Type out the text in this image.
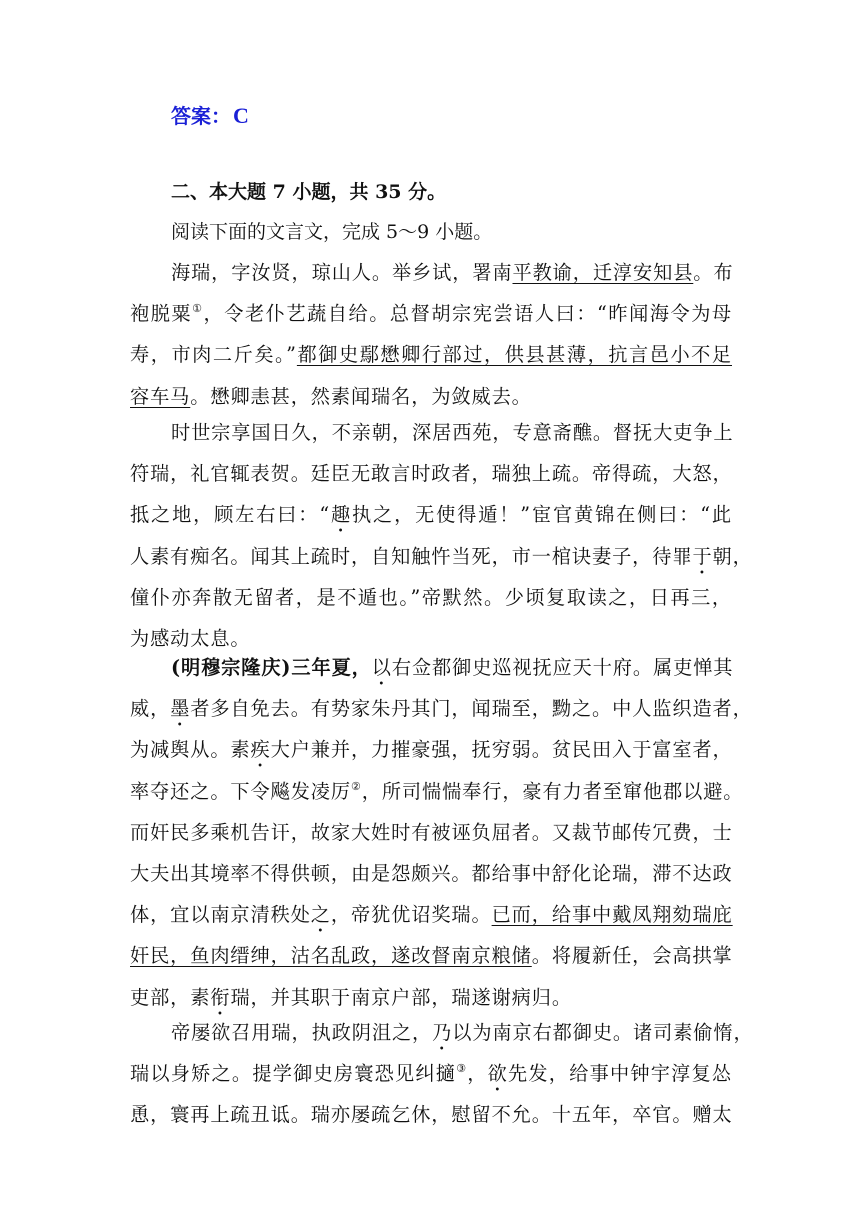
答案：C
二、本大题 7 小题，共 35 分。
阅读下面的文言文，完成 5～9 小题。
海瑞，字汝贤，琼山人。举乡试，署南平教谕，迁淳安知县。布
袍脱粟①，令老仆艺蔬自给。总督胡宗宪尝语人曰：“昨闻海令为母
寿，市肉二斤矣。”都御史鄢懋卿行部过，供县甚薄，抗言邑小不足
容车马。懋卿恚甚，然素闻瑞名，为敛威去。
时世宗享国日久，不亲朝，深居西苑，专意斋醮。督抚大吏争上
符瑞，礼官辄表贺。廷臣无敢言时政者，瑞独上疏。帝得疏，大怒，
抵之地，顾左右曰：“趣执之，无使得遁！”宦官黄锦在侧曰：“此
人素有痴名。闻其上疏时，自知触忤当死，市一棺诀妻子，待罪于朝，
僮仆亦奔散无留者，是不遁也。”帝默然。少顷复取读之，日再三，
为感动太息。
(明穆宗隆庆)三年夏，以右佥都御史巡视抚应天十府。属吏惮其
威，墨者多自免去。有势家朱丹其门，闻瑞至，黝之。中人监织造者，
为减舆从。素疾大户兼并，力摧豪强，抚穷弱。贫民田入于富室者，
率夺还之。下令飚发凌厉②，所司惴惴奉行，豪有力者至窜他郡以避。
而奸民多乘机告讦，故家大姓时有被诬负屈者。又裁节邮传冗费，士
大夫出其境率不得供顿，由是怨颇兴。都给事中舒化论瑞，滞不达政
体，宜以南京清秩处之，帝犹优诏奖瑞。已而，给事中戴凤翔劾瑞庇
奸民，鱼肉缙绅，沽名乱政，遂改督南京粮储。将履新任，会高拱掌
吏部，素衔瑞，并其职于南京户部，瑞遂谢病归。
帝屡欲召用瑞，执政阴沮之，乃以为南京右都御史。诸司素偷惰，
瑞以身矫之。提学御史房寰恐见纠擿③，欲先发，给事中钟宇淳复怂
恿，寰再上疏丑诋。瑞亦屡疏乞休，慰留不允。十五年，卒官。赠太
